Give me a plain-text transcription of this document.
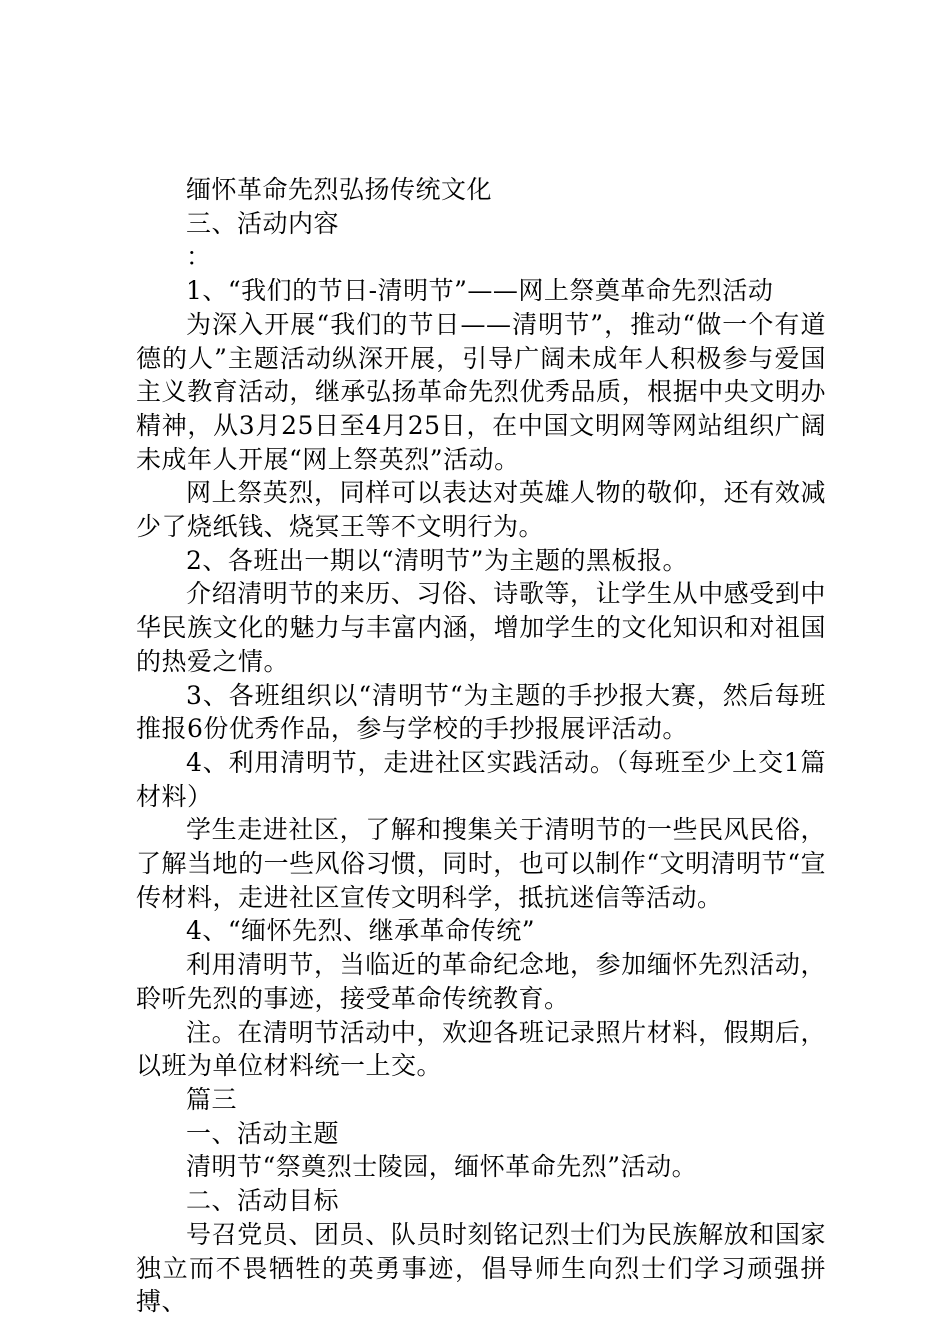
缅怀革命先烈弘扬传统文化

三、活动内容

：

1、“我们的节日-清明节”——网上祭奠革命先烈活动

为深入开展“我们的节日——清明节”，推动“做一个有道德的人”主题活动纵深开展，引导广阔未成年人积极参与爱国主义教育活动，继承弘扬革命先烈优秀品质，根据中央文明办精神，从3月25日至4月25日，在中国文明网等网站组织广阔未成年人开展“网上祭英烈”活动。

网上祭英烈，同样可以表达对英雄人物的敬仰，还有效减少了烧纸钱、烧冥王等不文明行为。

2、各班出一期以“清明节”为主题的黑板报。

介绍清明节的来历、习俗、诗歌等，让学生从中感受到中华民族文化的魅力与丰富内涵，增加学生的文化知识和对祖国的热爱之情。

3、各班组织以“清明节“为主题的手抄报大赛，然后每班推报6份优秀作品，参与学校的手抄报展评活动。

4、利用清明节，走进社区实践活动。（每班至少上交1篇材料）

学生走进社区，了解和搜集关于清明节的一些民风民俗，了解当地的一些风俗习惯，同时，也可以制作“文明清明节“宣传材料，走进社区宣传文明科学，抵抗迷信等活动。

4、“缅怀先烈、继承革命传统”

利用清明节，当临近的革命纪念地，参加缅怀先烈活动，聆听先烈的事迹，接受革命传统教育。

注。在清明节活动中，欢迎各班记录照片材料，假期后，以班为单位材料统一上交。

篇三

一、活动主题

清明节“祭奠烈士陵园，缅怀革命先烈”活动。

二、活动目标

号召党员、团员、队员时刻铭记烈士们为民族解放和国家独立而不畏牺牲的英勇事迹，倡导师生向烈士们学习顽强拼搏、
